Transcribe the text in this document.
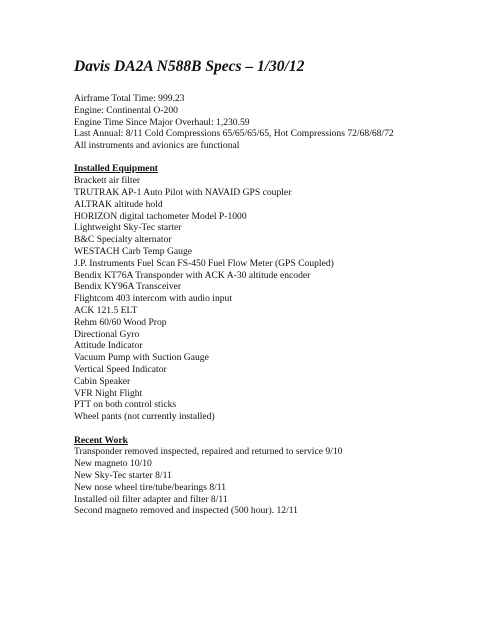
Davis DA2A N588B Specs – 1/30/12
Airframe Total Time: 999.23
Engine: Continental O-200
Engine Time Since Major Overhaul: 1,230.59
Last Annual: 8/11 Cold Compressions 65/65/65/65, Hot Compressions 72/68/68/72
All instruments and avionics are functional
Installed Equipment
Brackett air filter
TRUTRAK AP-1 Auto Pilot with NAVAID GPS coupler
ALTRAK altitude hold
HORIZON digital tachometer Model P-1000
Lightweight Sky-Tec starter
B&C Specialty alternator
WESTACH Carb Temp Gauge
J.P. Instruments Fuel Scan FS-450 Fuel Flow Meter (GPS Coupled)
Bendix KT76A Transponder with ACK A-30 altitude encoder
Bendix KY96A Transceiver
Flightcom 403 intercom with audio input
ACK 121.5 ELT
Rehm 60/60 Wood Prop
Directional Gyro
Attitude Indicator
Vacuum Pump with Suction Gauge
Vertical Speed Indicator
Cabin Speaker
VFR Night Flight
PTT on both control sticks
Wheel pants (not currently installed)
Recent Work
Transponder removed inspected, repaired and returned to service 9/10
New magneto 10/10
New Sky-Tec starter 8/11
New nose wheel tire/tube/bearings 8/11
Installed oil filter adapter and filter 8/11
Second magneto removed and inspected (500 hour). 12/11
